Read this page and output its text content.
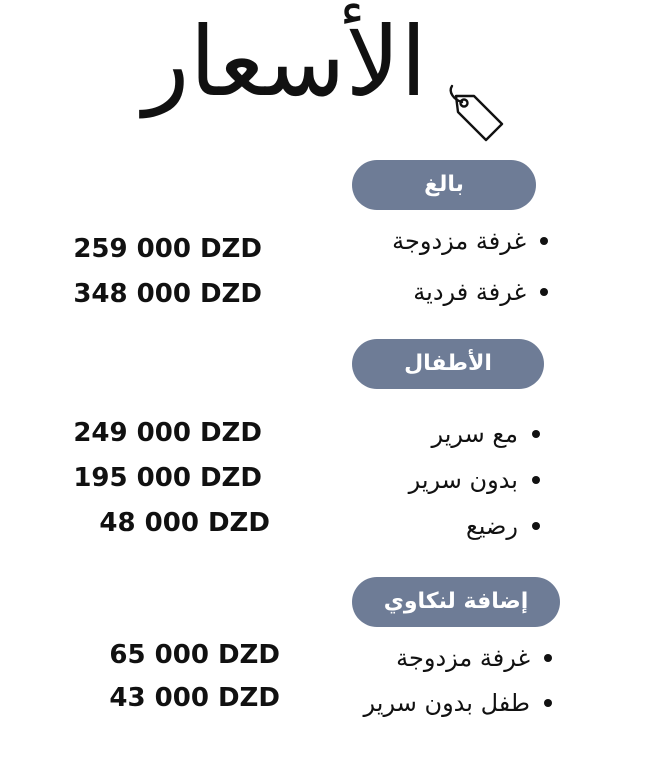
الأسعار
بالغ
غرفة مزدوجة
259 000 DZD
غرفة فردية
348 000 DZD
الأطفال
مع سرير
249 000 DZD
بدون سرير
195 000 DZD
رضيع
48 000 DZD
إضافة لنكاوي
غرفة مزدوجة
65 000 DZD
طفل بدون سرير
43 000 DZD
